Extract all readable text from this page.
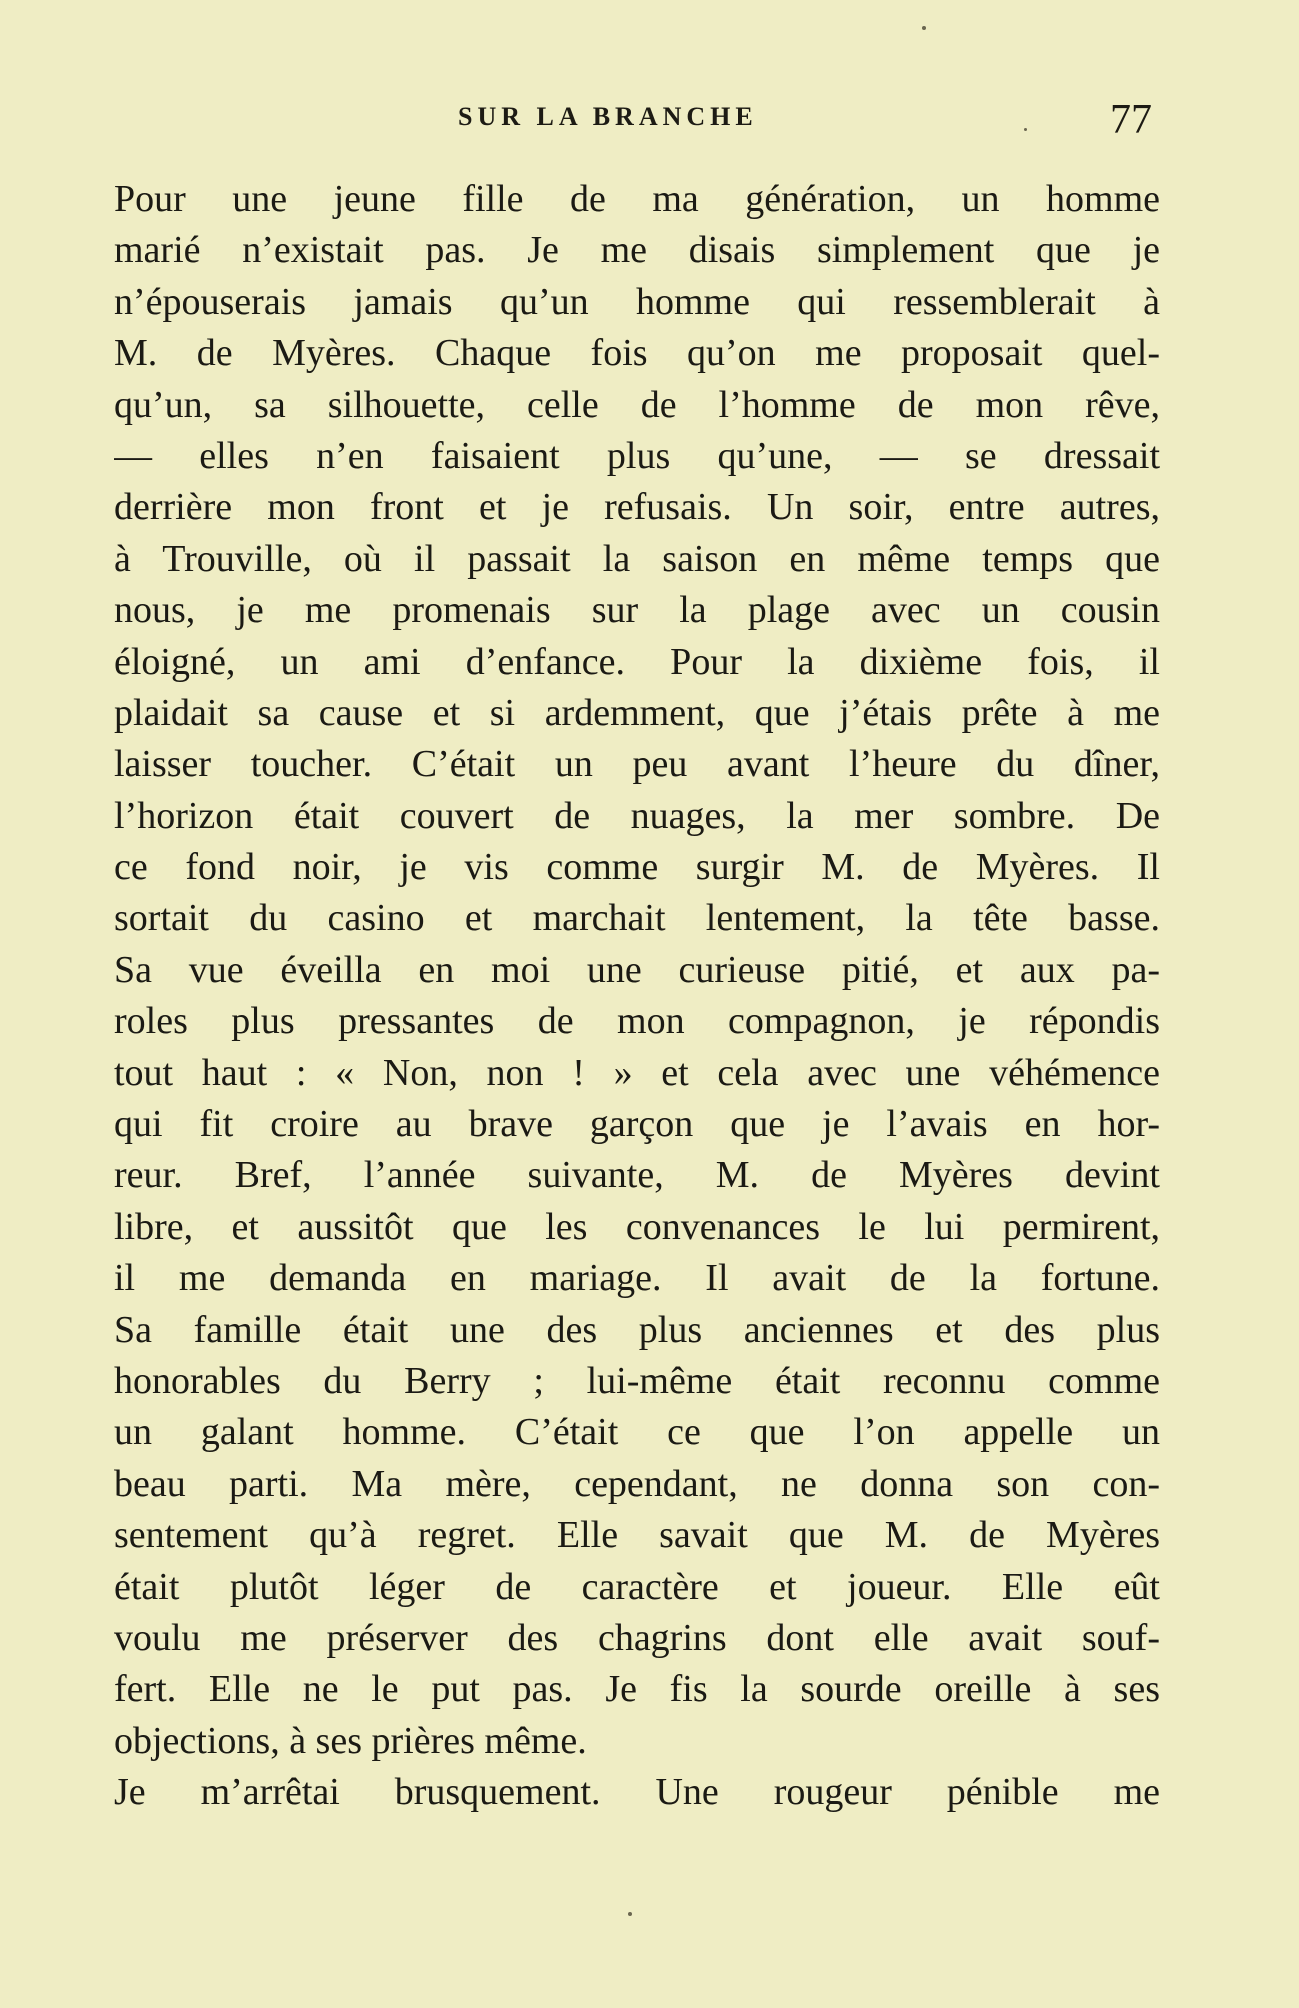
SUR LA BRANCHE	77
Pour une jeune fille de ma génération, un homme
marié n’existait pas. Je me disais simplement que je
n’épouserais jamais qu’un homme qui ressemblerait à
M. de Myères. Chaque fois qu’on me proposait quel-
qu’un, sa silhouette, celle de l’homme de mon rêve,
— elles n’en faisaient plus qu’une, — se dressait
derrière mon front et je refusais. Un soir, entre autres,
à Trouville, où il passait la saison en même temps que
nous, je me promenais sur la plage avec un cousin
éloigné, un ami d’enfance. Pour la dixième fois, il
plaidait sa cause et si ardemment, que j’étais prête à me
laisser toucher. C’était un peu avant l’heure du dîner,
l’horizon était couvert de nuages, la mer sombre. De
ce fond noir, je vis comme surgir M. de Myères. Il
sortait du casino et marchait lentement, la tête basse.
Sa vue éveilla en moi une curieuse pitié, et aux pa-
roles plus pressantes de mon compagnon, je répondis
tout haut : « Non, non ! » et cela avec une véhémence
qui fit croire au brave garçon que je l’avais en hor-
reur. Bref, l’année suivante, M. de Myères devint
libre, et aussitôt que les convenances le lui permirent,
il me demanda en mariage. Il avait de la fortune.
Sa famille était une des plus anciennes et des plus
honorables du Berry ; lui-même était reconnu comme
un galant homme. C’était ce que l’on appelle un
beau parti. Ma mère, cependant, ne donna son con-
sentement qu’à regret. Elle savait que M. de Myères
était plutôt léger de caractère et joueur. Elle eût
voulu me préserver des chagrins dont elle avait souf-
fert. Elle ne le put pas. Je fis la sourde oreille à ses
objections, à ses prières même.
Je m’arrêtai brusquement. Une rougeur pénible me
